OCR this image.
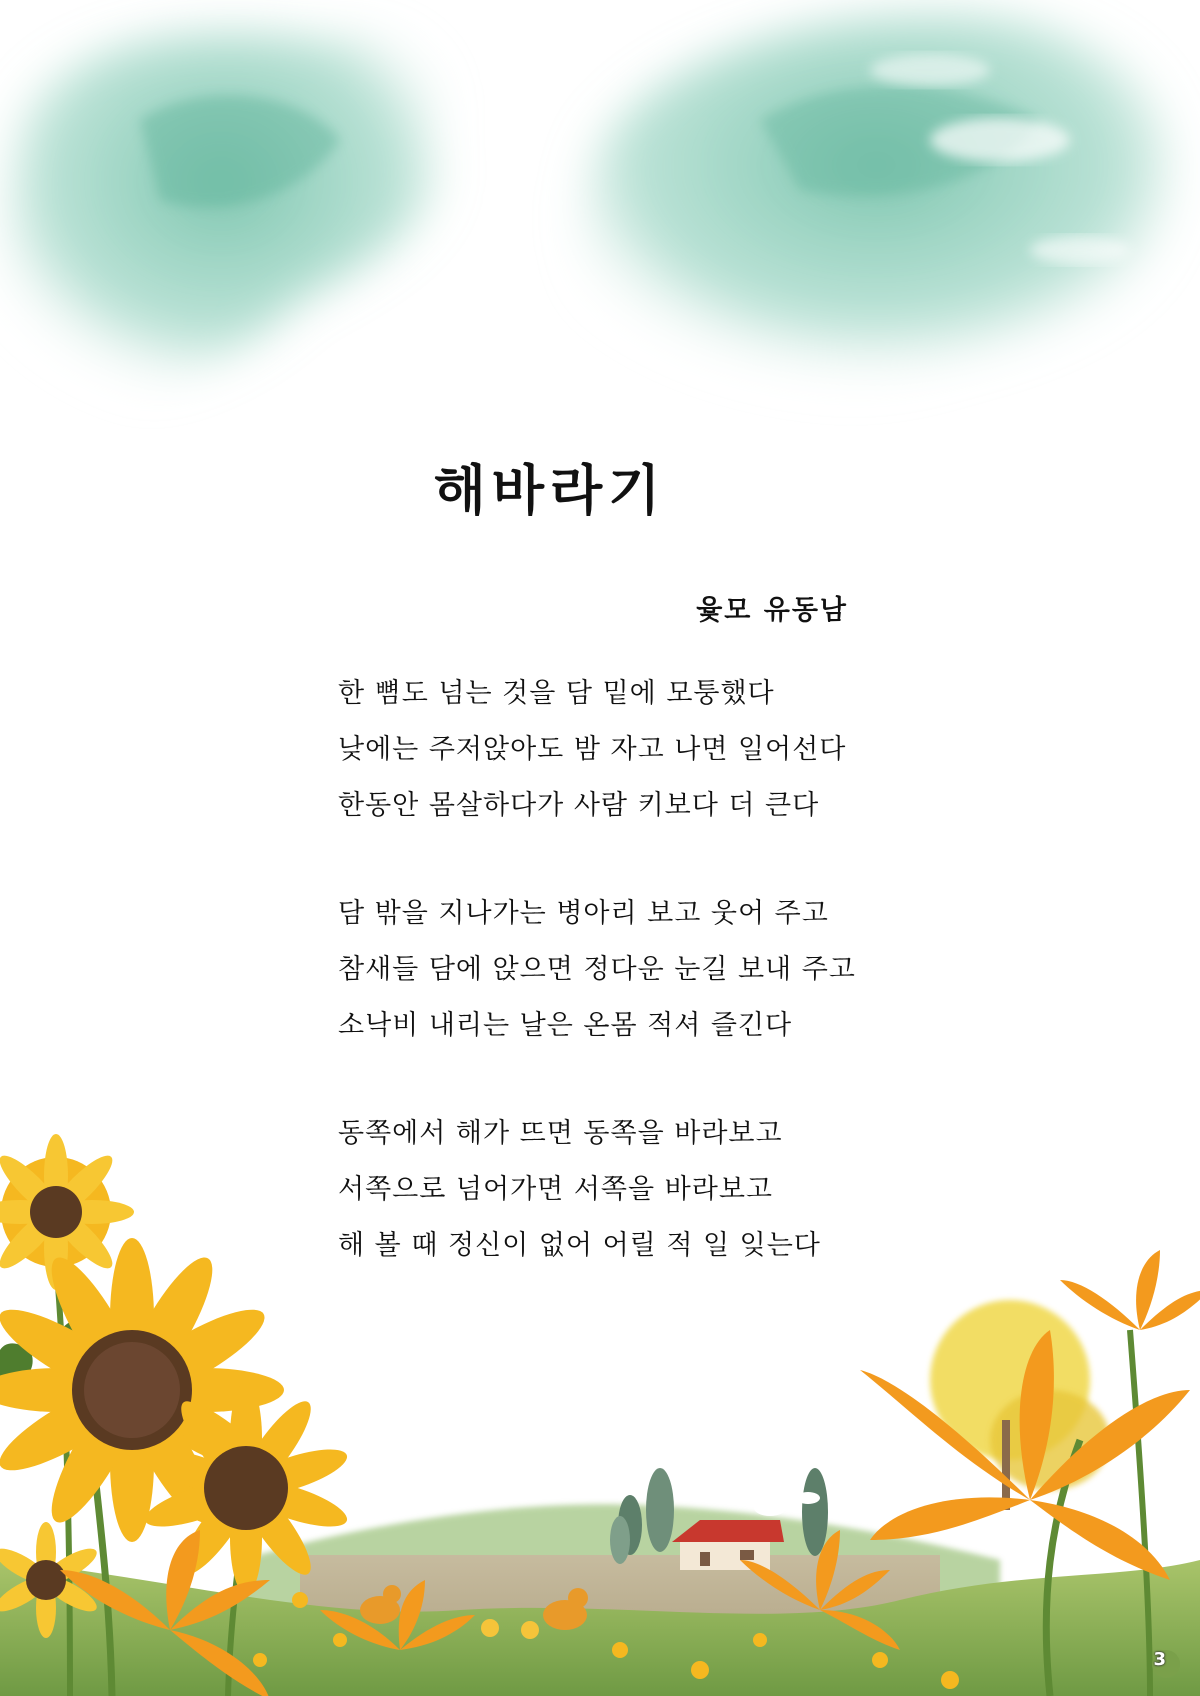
해바라기
윷모 유동남
한 뼘도 넘는 것을 담 밑에 모퉁했다
낮에는 주저앉아도 밤 자고 나면 일어선다
한동안 몸살하다가 사람 키보다 더 큰다
담 밖을 지나가는 병아리 보고 웃어 주고
참새들 담에 앉으면 정다운 눈길 보내 주고
소낙비 내리는 날은 온몸 적셔 즐긴다
동쪽에서 해가 뜨면 동쪽을 바라보고
서쪽으로 넘어가면 서쪽을 바라보고
해 볼 때 정신이 없어 어릴 적 일 잊는다
3
